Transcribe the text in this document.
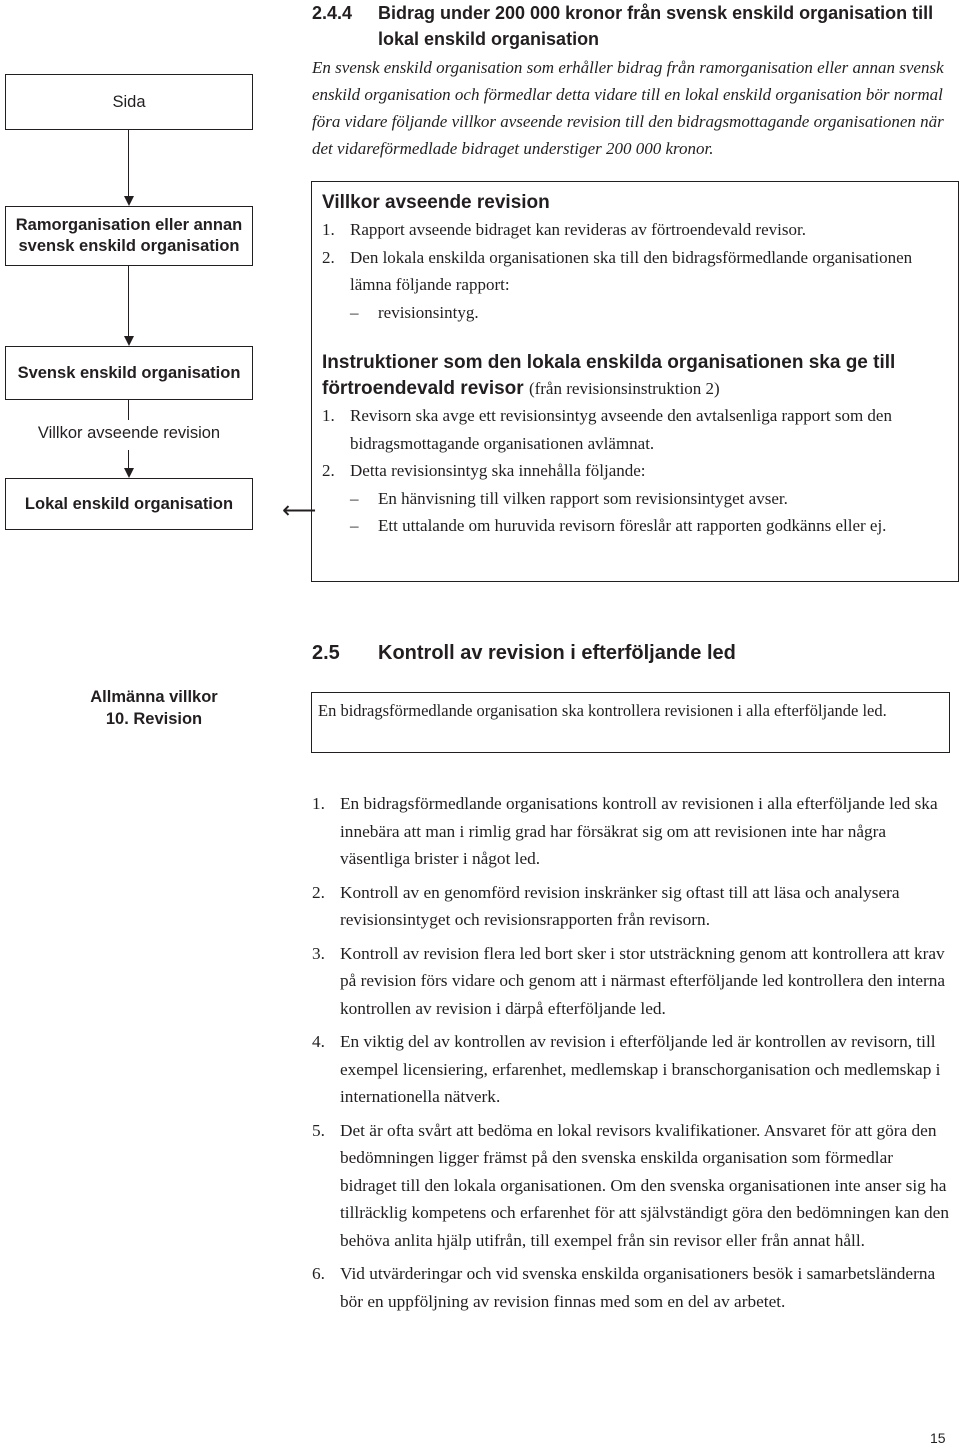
Sida
Ramorganisation eller annan svensk enskild organisation
Svensk enskild organisation
Villkor avseende revision
Lokal enskild organisation ⟵
2.4.4 Bidrag under 200 000 kronor från svensk enskild organisation till lokal enskild organisation
En svensk enskild organisation som erhåller bidrag från ramorganisation eller annan svensk enskild organisation och förmedlar detta vidare till en lokal enskild organisation bör normal föra vidare följande villkor avseende revision till den bidragsmottagande organisationen när det vidareförmedlade bidraget understiger 200 000 kronor.
Villkor avseende revision
1. Rapport avseende bidraget kan revideras av förtroendevald revisor.
2. Den lokala enskilda organisationen ska till den bidragsförmedlande organisationen lämna följande rapport:
– revisionsintyg.
Instruktioner som den lokala enskilda organisationen ska ge till förtroendevald revisor (från revisionsinstruktion 2)
1. Revisorn ska avge ett revisionsintyg avseende den avtalsenliga rapport som den bidragsmottagande organisationen avlämnat.
2. Detta revisionsintyg ska innehålla följande:
– En hänvisning till vilken rapport som revisionsintyget avser.
– Ett uttalande om huruvida revisorn föreslår att rapporten godkänns eller ej.
2.5 Kontroll av revision i efterföljande led
Allmänna villkor
10. Revision	En bidragsförmedlande organisation ska kontrollera revisionen i alla efterföljande led.
1. En bidragsförmedlande organisations kontroll av revisionen i alla efterföljande led ska innebära att man i rimlig grad har försäkrat sig om att revisionen inte har några väsentliga brister i något led.
2. Kontroll av en genomförd revision inskränker sig oftast till att läsa och analysera revisionsintyget och revisionsrapporten från revisorn.
3. Kontroll av revision flera led bort sker i stor utsträckning genom att kontrollera att krav på revision förs vidare och genom att i närmast efterföljande led kontrollera den interna kontrollen av revision i därpå efterföljande led.
4. En viktig del av kontrollen av revision i efterföljande led är kontrollen av revisorn, till exempel licensiering, erfarenhet, medlemskap i branschorganisation och medlemskap i internationella nätverk.
5. Det är ofta svårt att bedöma en lokal revisors kvalifikationer. Ansvaret för att göra den bedömningen ligger främst på den svenska enskilda organisation som förmedlar bidraget till den lokala organisationen. Om den svenska organisationen inte anser sig ha tillräcklig kompetens och erfarenhet för att självständigt göra den bedömningen kan den behöva anlita hjälp utifrån, till exempel från sin revisor eller från annat håll.
6. Vid utvärderingar och vid svenska enskilda organisationers besök i samarbetsländerna bör en uppföljning av revision finnas med som en del av arbetet.
15
